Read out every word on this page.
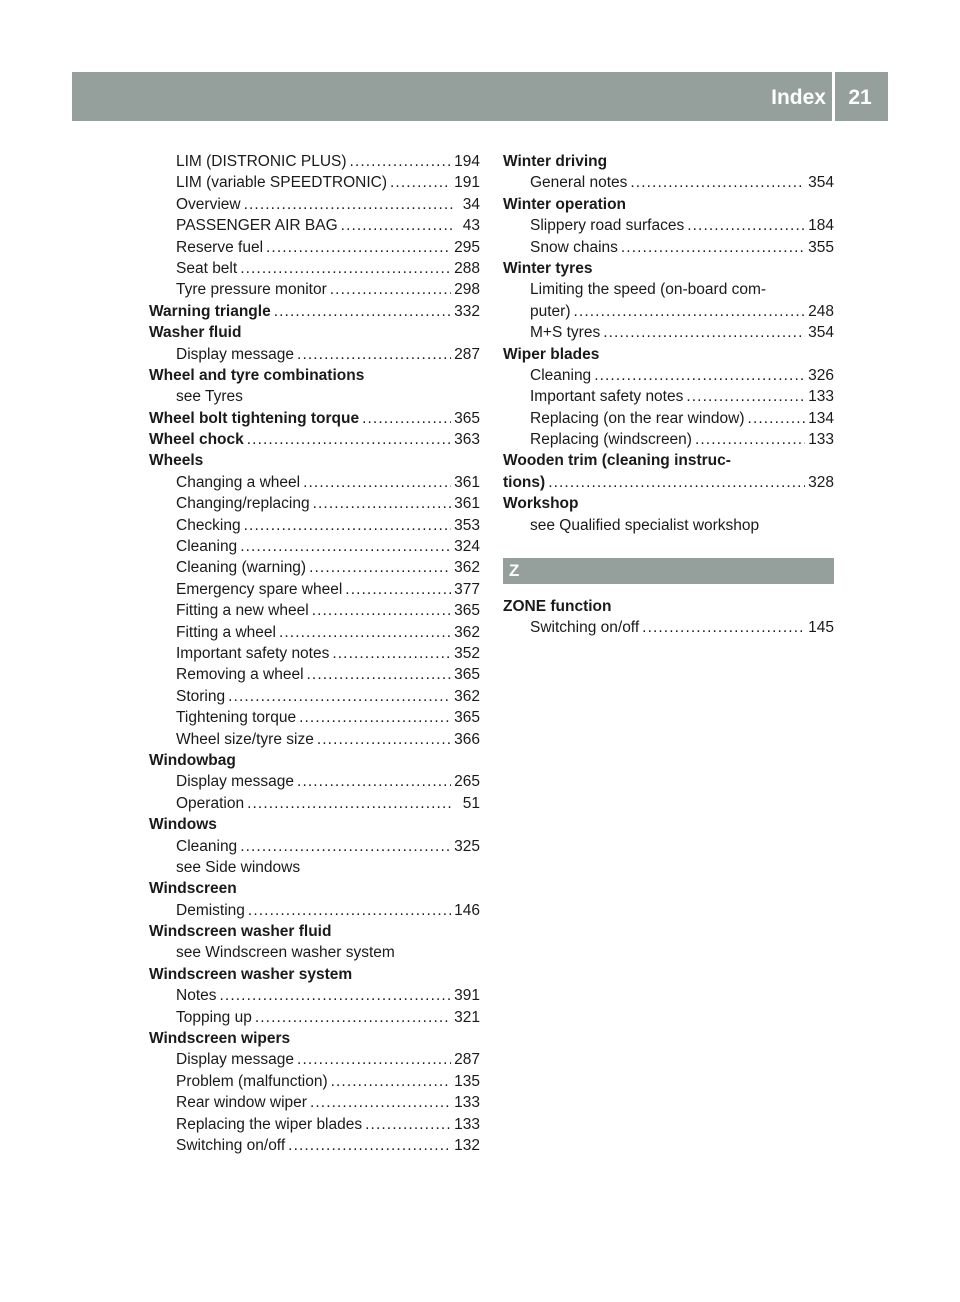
Index	21
LIM (DISTRONIC PLUS) . . .	194
LIM (variable SPEEDTRONIC) . . .	191
Overview . . .	34
PASSENGER AIR BAG . . .	43
Reserve fuel . . .	295
Seat belt . . .	288
Tyre pressure monitor . . .	298
Warning triangle . . .	332
Washer fluid
Display message . . .	287
Wheel and tyre combinations
see Tyres
Wheel bolt tightening torque . . .	365
Wheel chock . . .	363
Wheels
Changing a wheel . . .	361
Changing/replacing . . .	361
Checking . . .	353
Cleaning . . .	324
Cleaning (warning) . . .	362
Emergency spare wheel . . .	377
Fitting a new wheel . . .	365
Fitting a wheel . . .	362
Important safety notes . . .	352
Removing a wheel . . .	365
Storing . . .	362
Tightening torque . . .	365
Wheel size/tyre size . . .	366
Windowbag
Display message . . .	265
Operation . . .	51
Windows
Cleaning . . .	325
see Side windows
Windscreen
Demisting . . .	146
Windscreen washer fluid
see Windscreen washer system
Windscreen washer system
Notes . . .	391
Topping up . . .	321
Windscreen wipers
Display message . . .	287
Problem (malfunction) . . .	135
Rear window wiper . . .	133
Replacing the wiper blades . . .	133
Switching on/off . . .	132
Winter driving
General notes . . .	354
Winter operation
Slippery road surfaces . . .	184
Snow chains . . .	355
Winter tyres
Limiting the speed (on-board com-
puter) . . .	248
M+S tyres . . .	354
Wiper blades
Cleaning . . .	326
Important safety notes . . .	133
Replacing (on the rear window) . . .	134
Replacing (windscreen) . . .	133
Wooden trim (cleaning instruc-
tions) . . .	328
Workshop
see Qualified specialist workshop
Z
ZONE function
Switching on/off . . .	145
